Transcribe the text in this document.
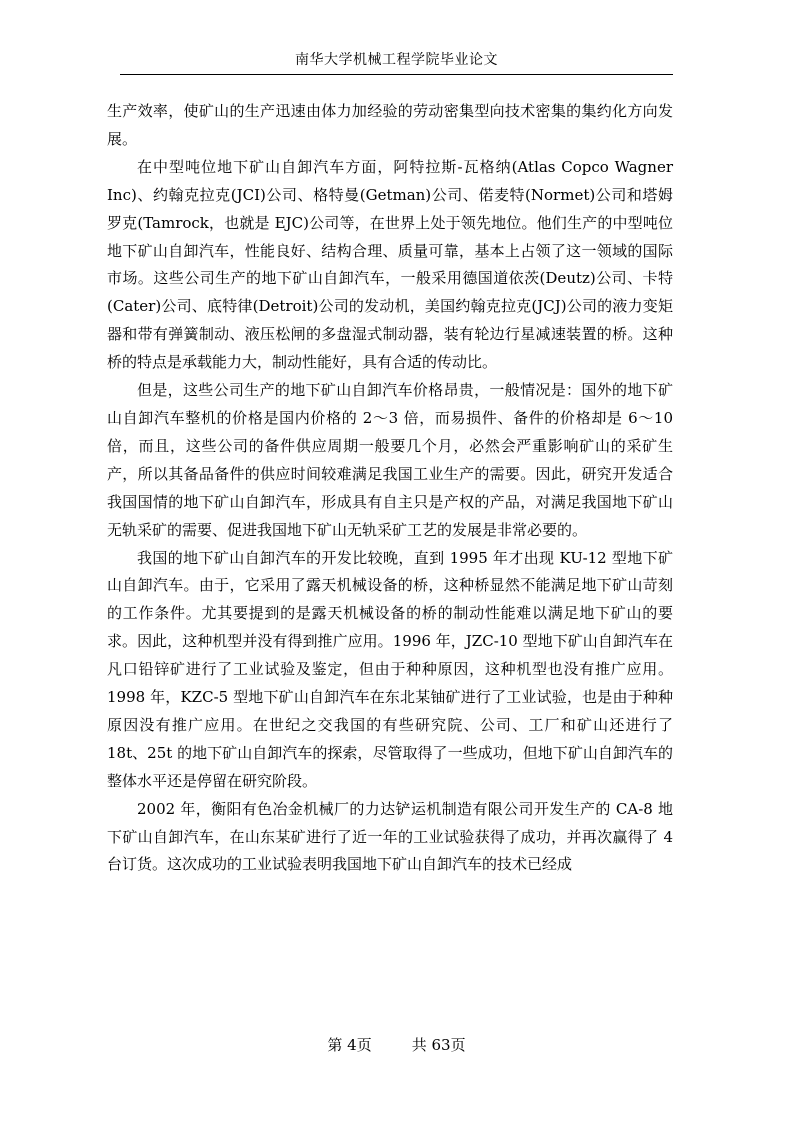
南华大学机械工程学院毕业论文

生产效率，使矿山的生产迅速由体力加经验的劳动密集型向技术密集的集约化方向发展。

在中型吨位地下矿山自卸汽车方面，阿特拉斯-瓦格纳(Atlas Copco Wagner Inc)、约翰克拉克(JCI)公司、格特曼(Getman)公司、偌麦特(Normet)公司和塔姆罗克(Tamrock，也就是 EJC)公司等，在世界上处于领先地位。他们生产的中型吨位地下矿山自卸汽车，性能良好、结构合理、质量可靠，基本上占领了这一领域的国际市场。这些公司生产的地下矿山自卸汽车，一般采用德国道依茨(Deutz)公司、卡特(Cater)公司、底特律(Detroit)公司的发动机，美国约翰克拉克(JCJ)公司的液力变矩器和带有弹簧制动、液压松闸的多盘湿式制动器，装有轮边行星减速装置的桥。这种桥的特点是承载能力大，制动性能好，具有合适的传动比。

但是，这些公司生产的地下矿山自卸汽车价格昂贵，一般情况是：国外的地下矿山自卸汽车整机的价格是国内价格的 2～3 倍，而易损件、备件的价格却是 6～10 倍，而且，这些公司的备件供应周期一般要几个月，必然会严重影响矿山的采矿生产，所以其备品备件的供应时间较难满足我国工业生产的需要。因此，研究开发适合我国国情的地下矿山自卸汽车，形成具有自主只是产权的产品，对满足我国地下矿山无轨采矿的需要、促进我国地下矿山无轨采矿工艺的发展是非常必要的。

我国的地下矿山自卸汽车的开发比较晚，直到 1995 年才出现 KU-12 型地下矿山自卸汽车。由于，它采用了露天机械设备的桥，这种桥显然不能满足地下矿山苛刻的工作条件。尤其要提到的是露天机械设备的桥的制动性能难以满足地下矿山的要求。因此，这种机型并没有得到推广应用。1996 年，JZC-10 型地下矿山自卸汽车在凡口铅锌矿进行了工业试验及鉴定，但由于种种原因，这种机型也没有推广应用。1998 年，KZC-5 型地下矿山自卸汽车在东北某铀矿进行了工业试验，也是由于种种原因没有推广应用。在世纪之交我国的有些研究院、公司、工厂和矿山还进行了 18t、25t 的地下矿山自卸汽车的探索，尽管取得了一些成功，但地下矿山自卸汽车的整体水平还是停留在研究阶段。

2002 年，衡阳有色冶金机械厂的力达铲运机制造有限公司开发生产的 CA-8 地下矿山自卸汽车，在山东某矿进行了近一年的工业试验获得了成功，并再次赢得了 4 台订货。这次成功的工业试验表明我国地下矿山自卸汽车的技术已经成

第 4页	共 63页
